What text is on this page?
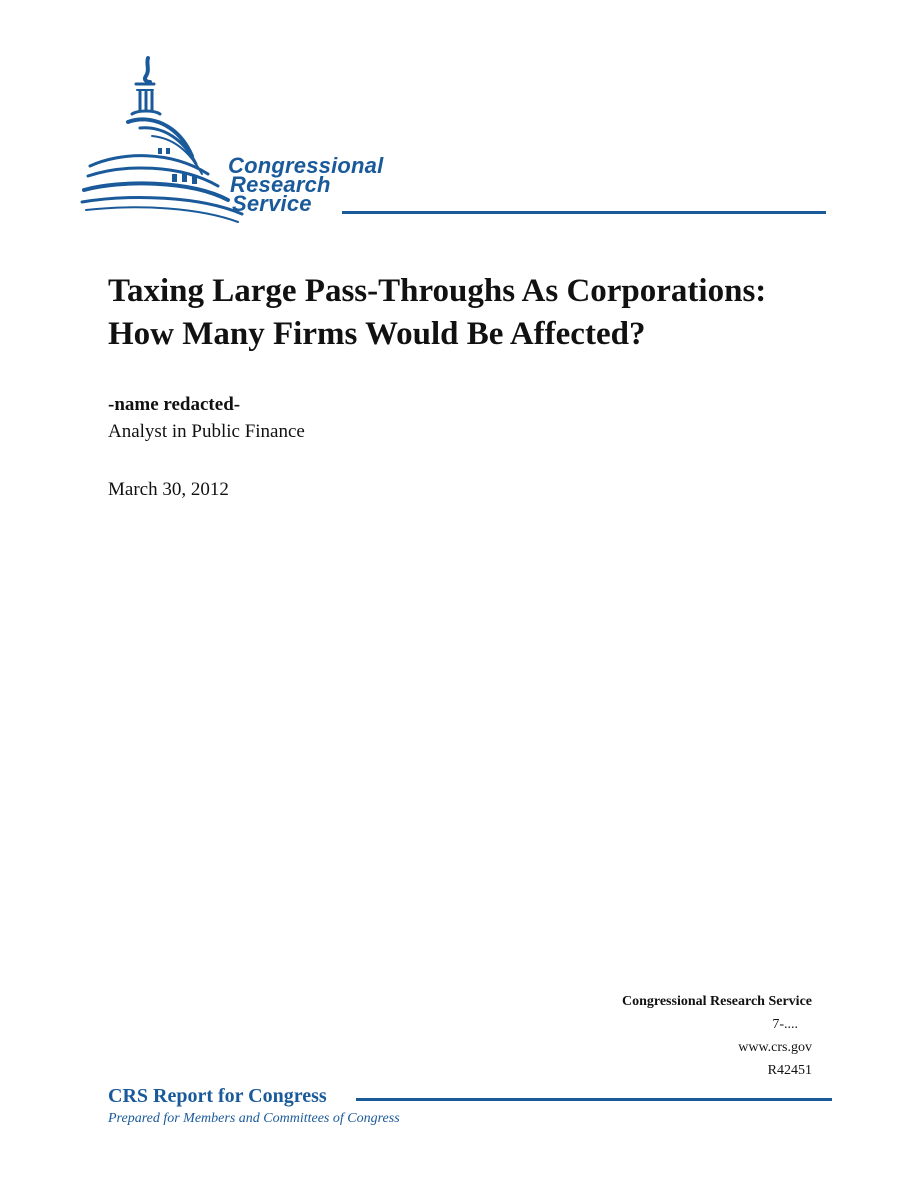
Congressional
Research
Service
Taxing Large Pass-Throughs As Corporations:
How Many Firms Would Be Affected?
-name redacted-
Analyst in Public Finance
March 30, 2012
Congressional Research Service
7-....
www.crs.gov
R42451
CRS Report for Congress
Prepared for Members and Committees of Congress
